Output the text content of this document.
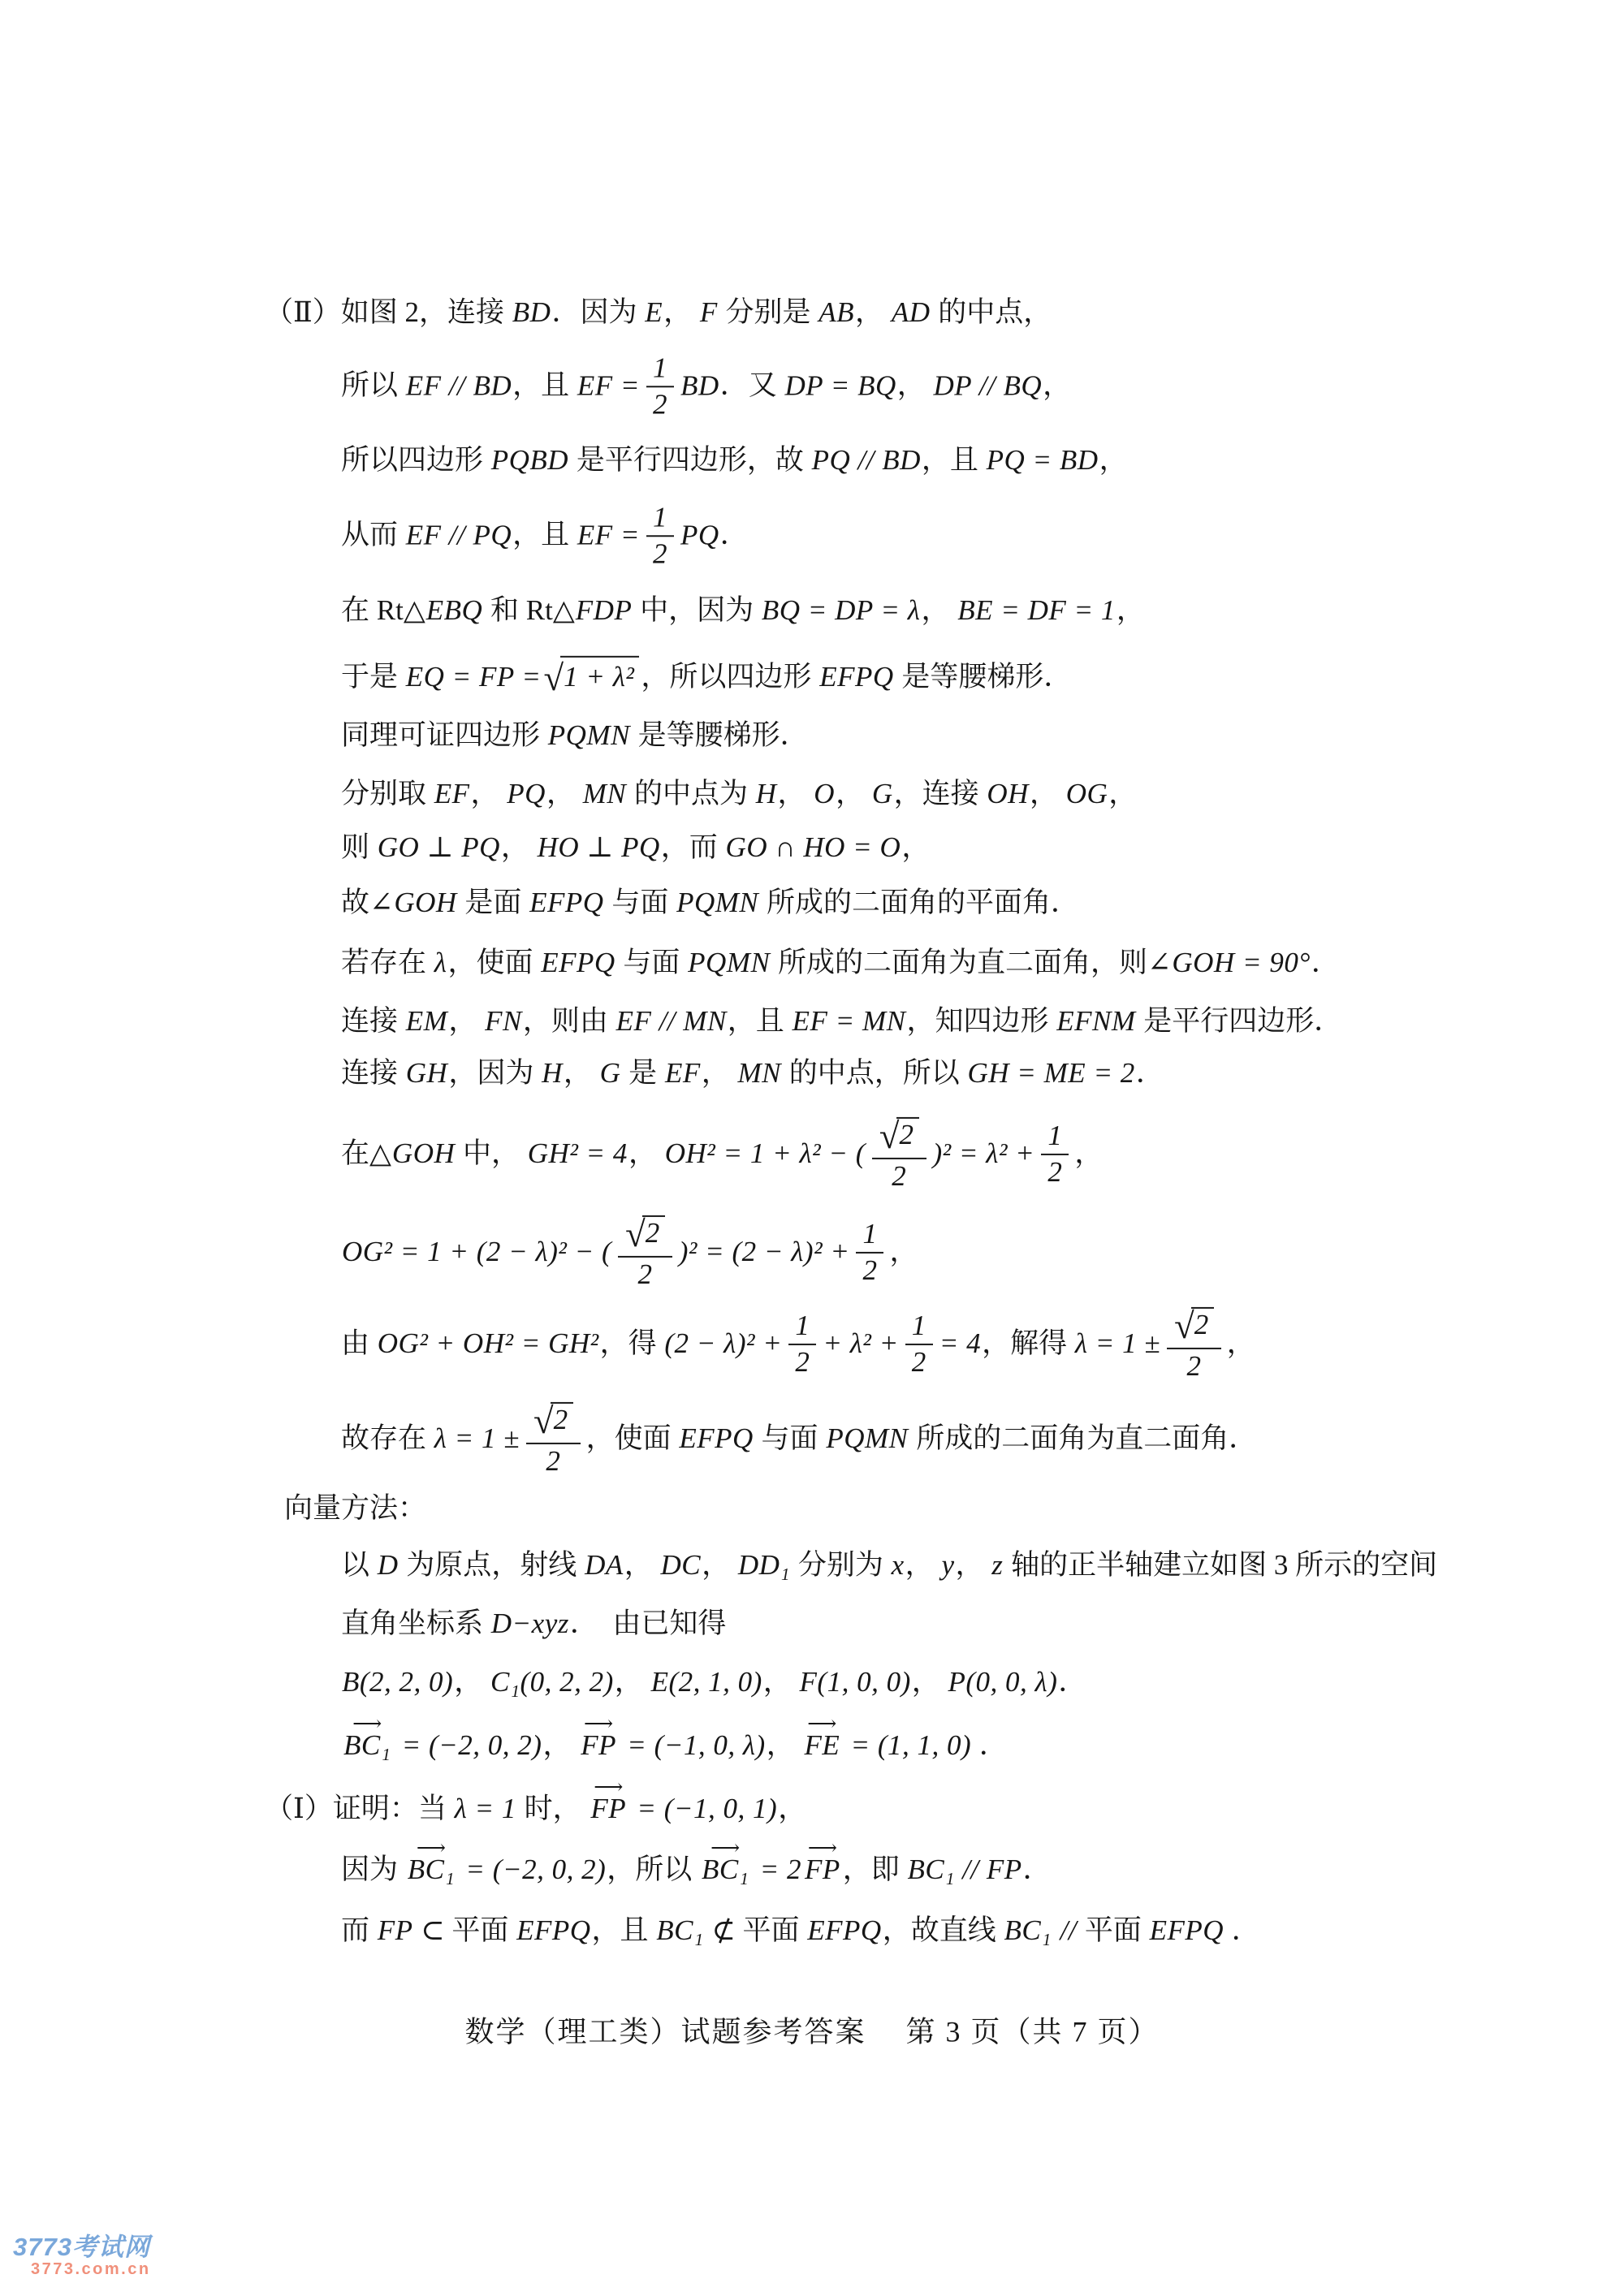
（Ⅱ）如图 2，连接 BD．因为 E， F 分别是 AB， AD 的中点，
所以 EF // BD，且 EF = $\frac{1}{2}$ BD．又 DP = BQ， DP // BQ，
所以四边形 PQBD 是平行四边形，故 PQ // BD，且 PQ = BD，
从而 EF // PQ，且 EF = $\frac{1}{2}$ PQ．
在 Rt△EBQ 和 Rt△FDP 中，因为 BQ = DP = λ， BE = DF = 1，
于是 EQ = FP =√1 + λ² ，所以四边形 EFPQ 是等腰梯形．
同理可证四边形 PQMN 是等腰梯形．
分别取 EF， PQ， MN 的中点为 H， O， G，连接 OH， OG，
则 GO ⊥ PQ， HO ⊥ PQ，而 GO ∩ HO = O，
故∠GOH 是面 EFPQ 与面 PQMN 所成的二面角的平面角．
若存在 λ，使面 EFPQ 与面 PQMN 所成的二面角为直二面角，则∠GOH = 90°．
连接 EM， FN，则由 EF // MN，且 EF = MN，知四边形 EFNM 是平行四边形．
连接 GH，因为 H， G 是 EF， MN 的中点，所以 GH = ME = 2．
在△GOH 中， GH² = 4， OH² = 1 + λ² − ( $\frac{√2}{2} )^2 = \lambda^2 + \frac{1}{2}$ ，
OG² = 1 + (2 − λ)² − ( $\frac{√2}{2} )^2 = (2 - \lambda)^2 + \frac{1}{2}$ ，
由 OG² + OH² = GH²，得 $(2 - \lambda)^2 + \frac{1}{2} + \lambda^2 + \frac{1}{2} = 4$，解得 $\lambda = 1 \pm \frac{√2}{2}$ ，
故存在 $\lambda = 1 \pm \frac{√2}{2}$ ，使面 EFPQ 与面 PQMN 所成的二面角为直二面角．
向量方法：
以 D 为原点，射线 DA， DC， DD₁ 分别为 x， y， z 轴的正半轴建立如图 3 所示的空间
直角坐标系 D−xyz．　由已知得
B(2, 2, 0)， C₁(0, 2, 2)， E(2, 1, 0)， F(1, 0, 0)， P(0, 0, λ)．
⟶
BC₁ = (−2, 0, 2)，
⟶
FP = (−1, 0, λ)，
⟶
FE = (1, 1, 0) ．
（Ⅰ）证明：当 λ = 1 时，
⟶
FP = (−1, 0, 1)，
因为
⟶
BC₁ = (−2, 0, 2)，所以
⟶
BC₁ = 2
⟶
FP，即 BC₁ // FP．
而 FP ⊂ 平面 EFPQ，且 BC₁ ⊄ 平面 EFPQ，故直线 BC₁ // 平面 EFPQ ．
数学（理工类）试题参考答案　 第 3 页（共 7 页）
3773考试网
3773.com.cn
